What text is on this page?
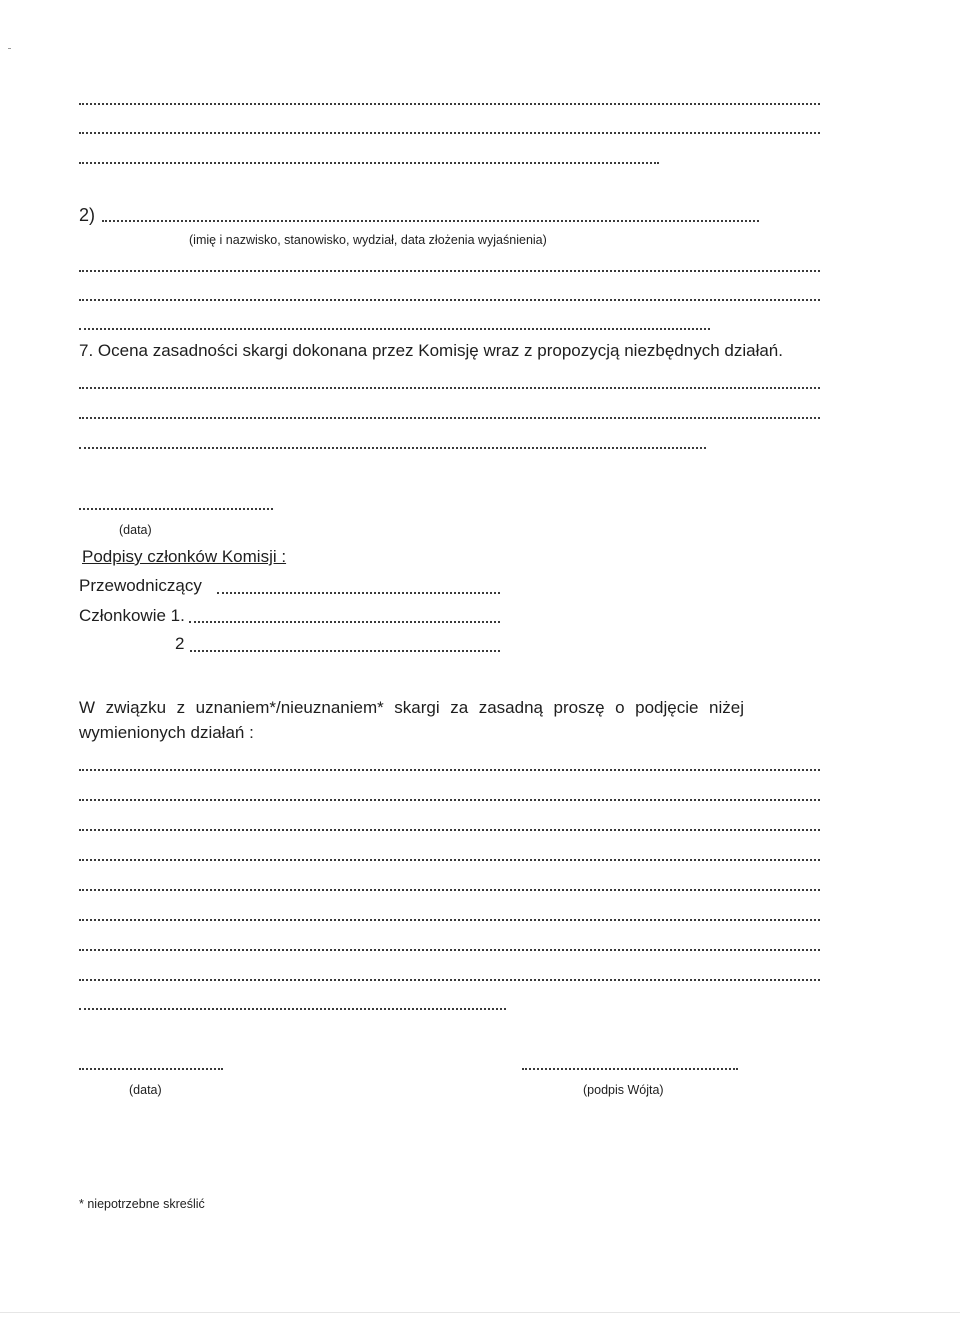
2)
(imię i nazwisko, stanowisko, wydział, data złożenia wyjaśnienia)
7. Ocena zasadności skargi dokonana przez Komisję wraz z propozycją niezbędnych działań.
(data)
Podpisy członków Komisji :
Przewodniczący
Członkowie 1.
2
W związku z uznaniem*/nieuznaniem* skargi za zasadną proszę o podjęcie niżej
wymienionych działań :
(data)	(podpis Wójta)
* niepotrzebne skreślić
